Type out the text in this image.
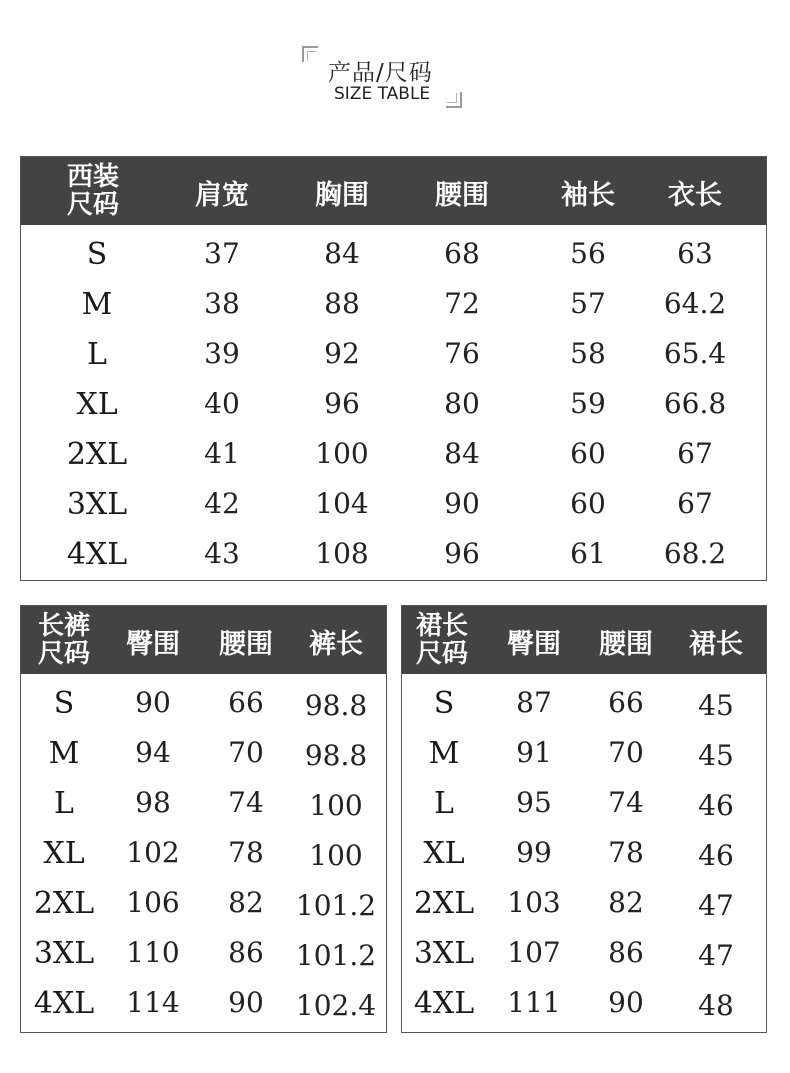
产品/尺码
SIZE TABLE
西装
尺码	肩宽	胸围	腰围	袖长	衣长
S	37	84	68	56	63
M	38	88	72	57	64.2
L	39	92	76	58	65.4
XL	40	96	80	59	66.8
2XL	41	100	84	60	67
3XL	42	104	90	60	67
4XL	43	108	96	61	68.2
长裤
尺码	臀围	腰围	裤长
S	90	66	98.8
M	94	70	98.8
L	98	74	100
XL	102	78	100
2XL	106	82	101.2
3XL	110	86	101.2
4XL	114	90	102.4
裙长
尺码	臀围	腰围	裙长
S	87	66	45
M	91	70	45
L	95	74	46
XL	99	78	46
2XL	103	82	47
3XL	107	86	47
4XL	111	90	48
